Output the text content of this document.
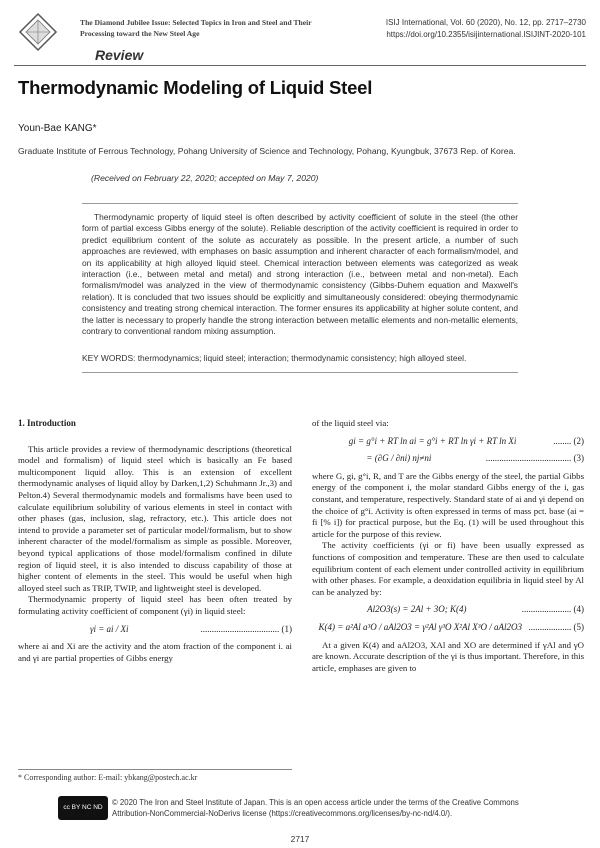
The Diamond Jubilee Issue: Selected Topics in Iron and Steel and Their Processing toward the New Steel Age
ISIJ International, Vol. 60 (2020), No. 12, pp. 2717–2730
https://doi.org/10.2355/isijinternational.ISIJINT-2020-101
Review
Thermodynamic Modeling of Liquid Steel
Youn-Bae KANG*
Graduate Institute of Ferrous Technology, Pohang University of Science and Technology, Pohang, Kyungbuk, 37673 Rep. of Korea.
(Received on February 22, 2020; accepted on May 7, 2020)
Thermodynamic property of liquid steel is often described by activity coefficient of solute in the steel (the other form of partial excess Gibbs energy of the solute). Reliable description of the activity coefficient is required in order to predict equilibrium content of the solute as accurately as possible. In the present article, a number of such approaches are reviewed, with emphases on basic assumption and inherent character of each formalism/model, and on its applicability at high alloyed liquid steel. Chemical interaction between elements was categorized as weak interaction (i.e., between metal and metal) and strong interaction (i.e., between metal and non-metal). Each formalism/model was analyzed in the view of thermodynamic consistency (Gibbs-Duhem equation and Maxwell's relation). It is concluded that two issues should be explicitly and simultaneously considered: obeying thermodynamic consistency and treating strong chemical interaction. The former ensures its applicability at higher solute content, and the latter is necessary to properly handle the strong interaction between metallic elements and non-metallic elements, contrary to conventional random mixing assumption.
KEY WORDS: thermodynamics; liquid steel; interaction; thermodynamic consistency; high alloyed steel.
1. Introduction

This article provides a review of thermodynamic descriptions (theoretical model and formalism) of liquid steel which is basically an Fe based multicomponent liquid alloy. This is an extension of excellent thermodynamic analyses of liquid alloy by Darken,1,2) Schuhmann Jr.,3) and Pelton.4) Several thermodynamic models and formalisms have been used to calculate equilibrium solubility of various elements in steel in contact with other phases (gas, inclusion, slag, refractory, etc.). This article does not intend to provide a parameter set of particular model/formalism, but to show inherent character of the model/formalism as simple as possible. Moreover, beyond typical applications of those model/formalism confined in dilute region of liquid steel, it is also intended to discuss capability of those at higher content of elements in the steel. This would be useful when high alloyed steel such as TRIP, TWIP, and lightweight steel is developed.

Thermodynamic property of liquid steel has been often treated by formulating activity coefficient of component (γi) in liquid steel:

γi = ai / Xi	................................... (1)

where ai and Xi are the activity and the atom fraction of the component i. ai and γi are partial properties of Gibbs energy

* Corresponding author: E-mail: ybkang@postech.ac.kr

of the liquid steel via:

gi = g°i + RT ln ai = g°i + RT ln γi + RT ln Xi	........ (2)
= (∂G / ∂ni) nj≠ni	...................................... (3)

where G, gi, g°i, R, and T are the Gibbs energy of the steel, the partial Gibbs energy of the component i, the molar standard Gibbs energy of the i, gas constant, and temperature, respectively. Standard state of ai and γi depend on the choice of g°i. Activity is often expressed in terms of mass pct. base (ai = fi [% i]) for practical purpose, but the Eq. (1) will be used throughout this article for the purpose of this review.

The activity coefficients (γi or fi) have been usually expressed as functions of composition and temperature. These are then used to calculate equilibrium content of each element under controlled activity in equilibrium with other phases. For example, a deoxidation equilibria in liquid steel by Al can be analyzed by:

Al2O3(s) = 2Al + 3O; K(4)	...................... (4)
K(4) = a²Al a³O / aAl2O3 = γ²Al γ³O X²Al X³O / aAl2O3 ................... (5)

At a given K(4) and aAl2O3, XAl and XO are determined if γAl and γO are known. Accurate description of the γi is thus important. Therefore, in this article, emphases are given to

cc BY NC ND
© 2020 The Iron and Steel Institute of Japan. This is an open access article under the terms of the Creative Commons Attribution-NonCommercial-NoDerivs license (https://creativecommons.org/licenses/by-nc-nd/4.0/).
2717
